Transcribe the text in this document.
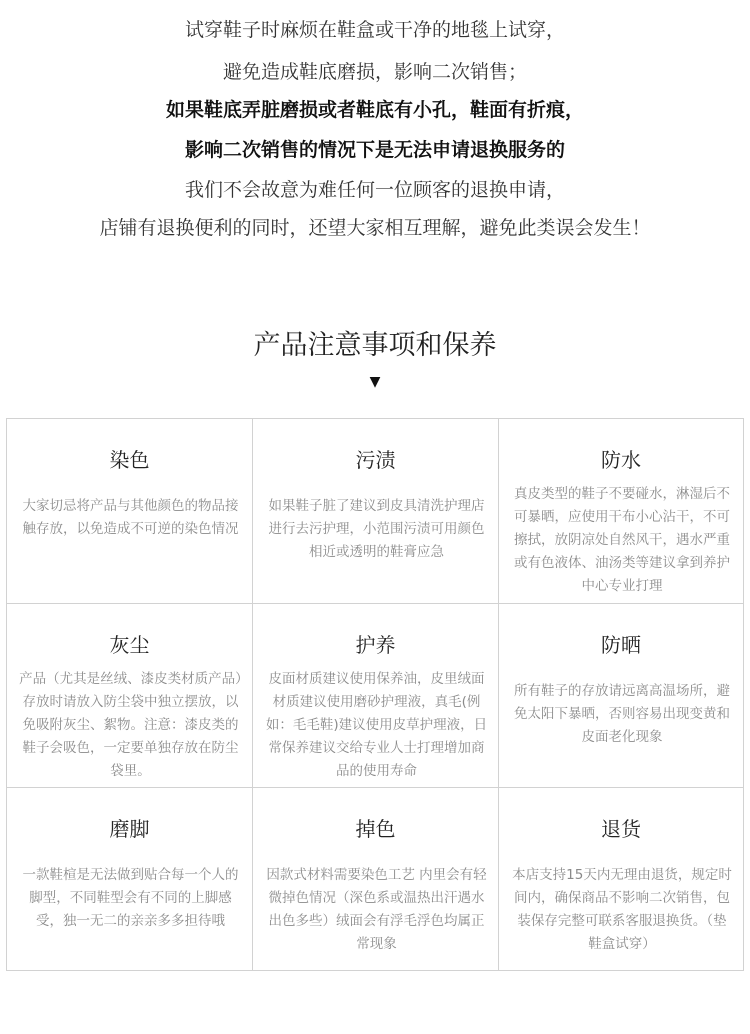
试穿鞋子时麻烦在鞋盒或干净的地毯上试穿，
避免造成鞋底磨损，影响二次销售；
如果鞋底弄脏磨损或者鞋底有小孔，鞋面有折痕，
影响二次销售的情况下是无法申请退换服务的
我们不会故意为难任何一位顾客的退换申请，
店铺有退换便利的同时，还望大家相互理解，避免此类误会发生！
产品注意事项和保养
▼
染色
大家切忌将产品与其他颜色的物品接触存放，以免造成不可逆的染色情况
污渍
如果鞋子脏了建议到皮具清洗护理店进行去污护理，小范围污渍可用颜色相近或透明的鞋膏应急
防水
真皮类型的鞋子不要碰水，淋湿后不可暴晒，应使用干布小心沾干，不可擦拭，放阴凉处自然风干，遇水严重或有色液体、油汤类等建议拿到养护中心专业打理
灰尘
产品（尤其是丝绒、漆皮类材质产品）存放时请放入防尘袋中独立摆放，以免吸附灰尘、絮物。注意：漆皮类的鞋子会吸色，一定要单独存放在防尘袋里。
护养
皮面材质建议使用保养油，皮里绒面材质建议使用磨砂护理液，真毛(例如：毛毛鞋)建议使用皮草护理液，日常保养建议交给专业人士打理增加商品的使用寿命
防晒
所有鞋子的存放请远离高温场所，避免太阳下暴晒，否则容易出现变黄和皮面老化现象
磨脚
一款鞋楦是无法做到贴合每一个人的脚型，不同鞋型会有不同的上脚感受，独一无二的亲亲多多担待哦
掉色
因款式材料需要染色工艺 内里会有轻微掉色情况（深色系或温热出汗遇水出色多些）绒面会有浮毛浮色均属正常现象
退货
本店支持15天内无理由退货，规定时间内，确保商品不影响二次销售，包装保存完整可联系客服退换货。（垫鞋盒试穿）
